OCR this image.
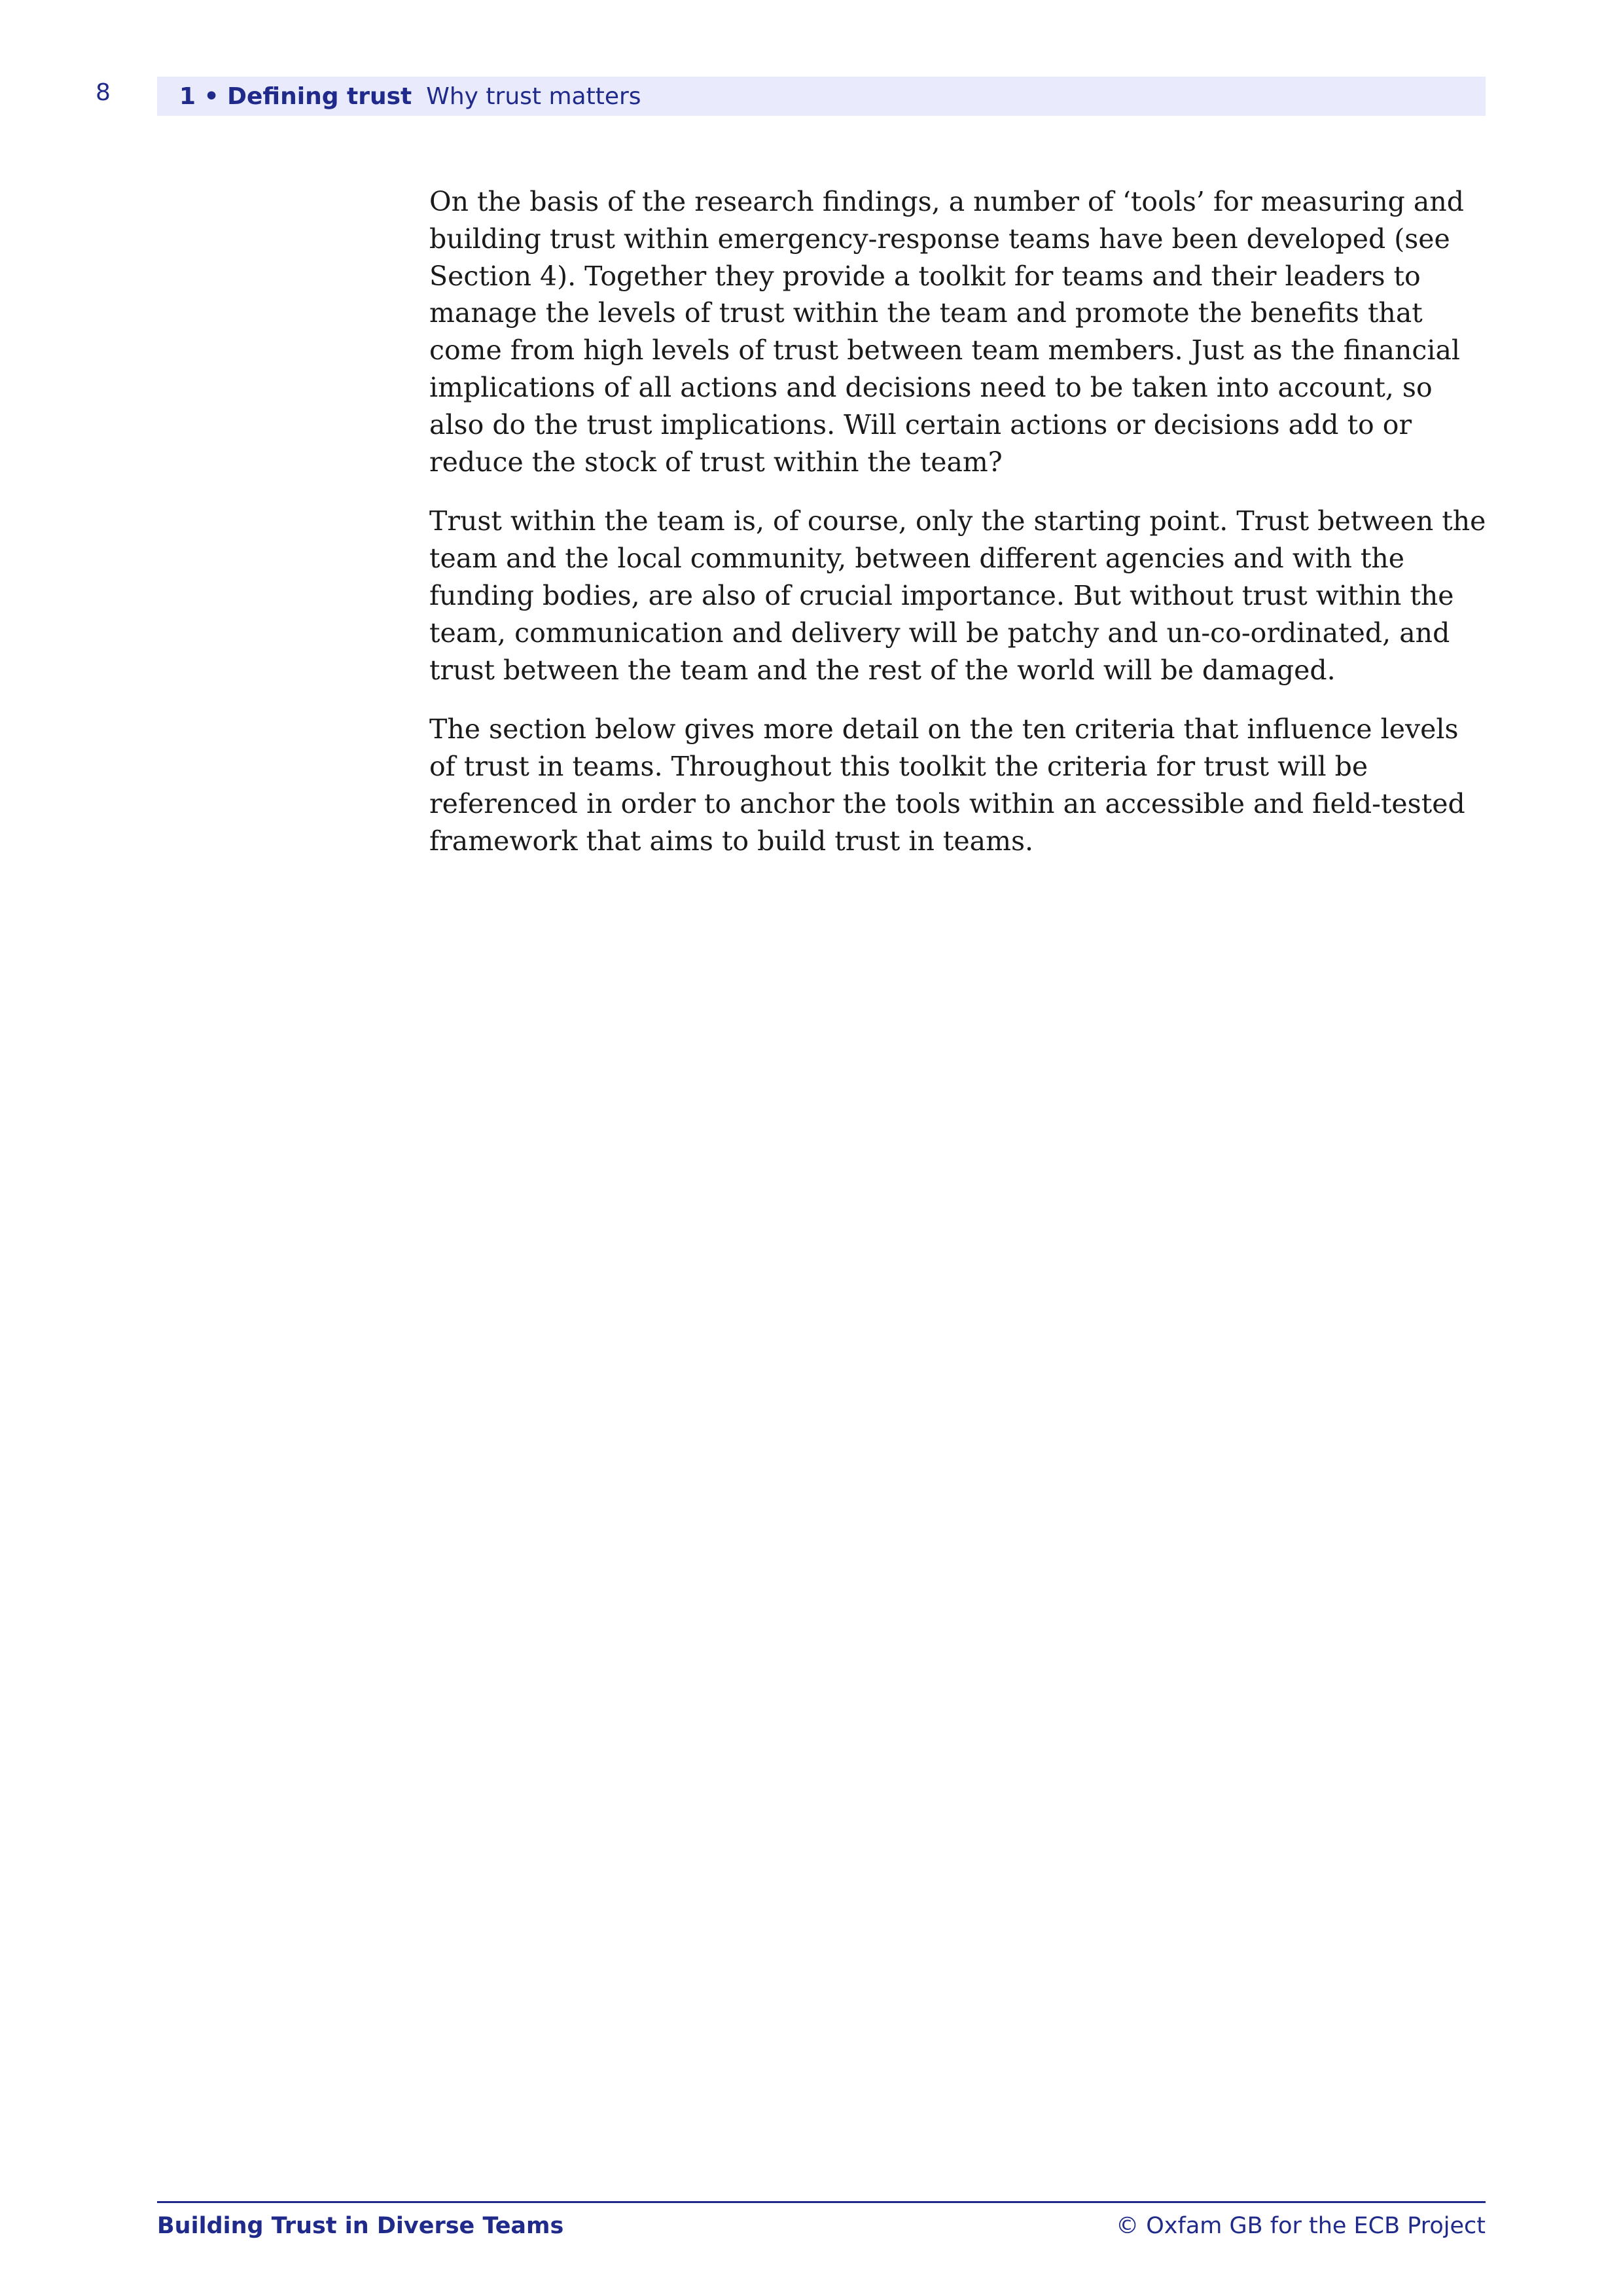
8	1 • Defining trust Why trust matters

On the basis of the research findings, a number of ‘tools’ for measuring and building trust within emergency-response teams have been developed (see Section 4). Together they provide a toolkit for teams and their leaders to manage the levels of trust within the team and promote the benefits that come from high levels of trust between team members. Just as the financial implications of all actions and decisions need to be taken into account, so also do the trust implications. Will certain actions or decisions add to or reduce the stock of trust within the team?

Trust within the team is, of course, only the starting point. Trust between the team and the local community, between different agencies and with the funding bodies, are also of crucial importance. But without trust within the team, communication and delivery will be patchy and un-co-ordinated, and trust between the team and the rest of the world will be damaged.

The section below gives more detail on the ten criteria that influence levels of trust in teams. Throughout this toolkit the criteria for trust will be referenced in order to anchor the tools within an accessible and field-tested framework that aims to build trust in teams.

Building Trust in Diverse Teams	© Oxfam GB for the ECB Project
